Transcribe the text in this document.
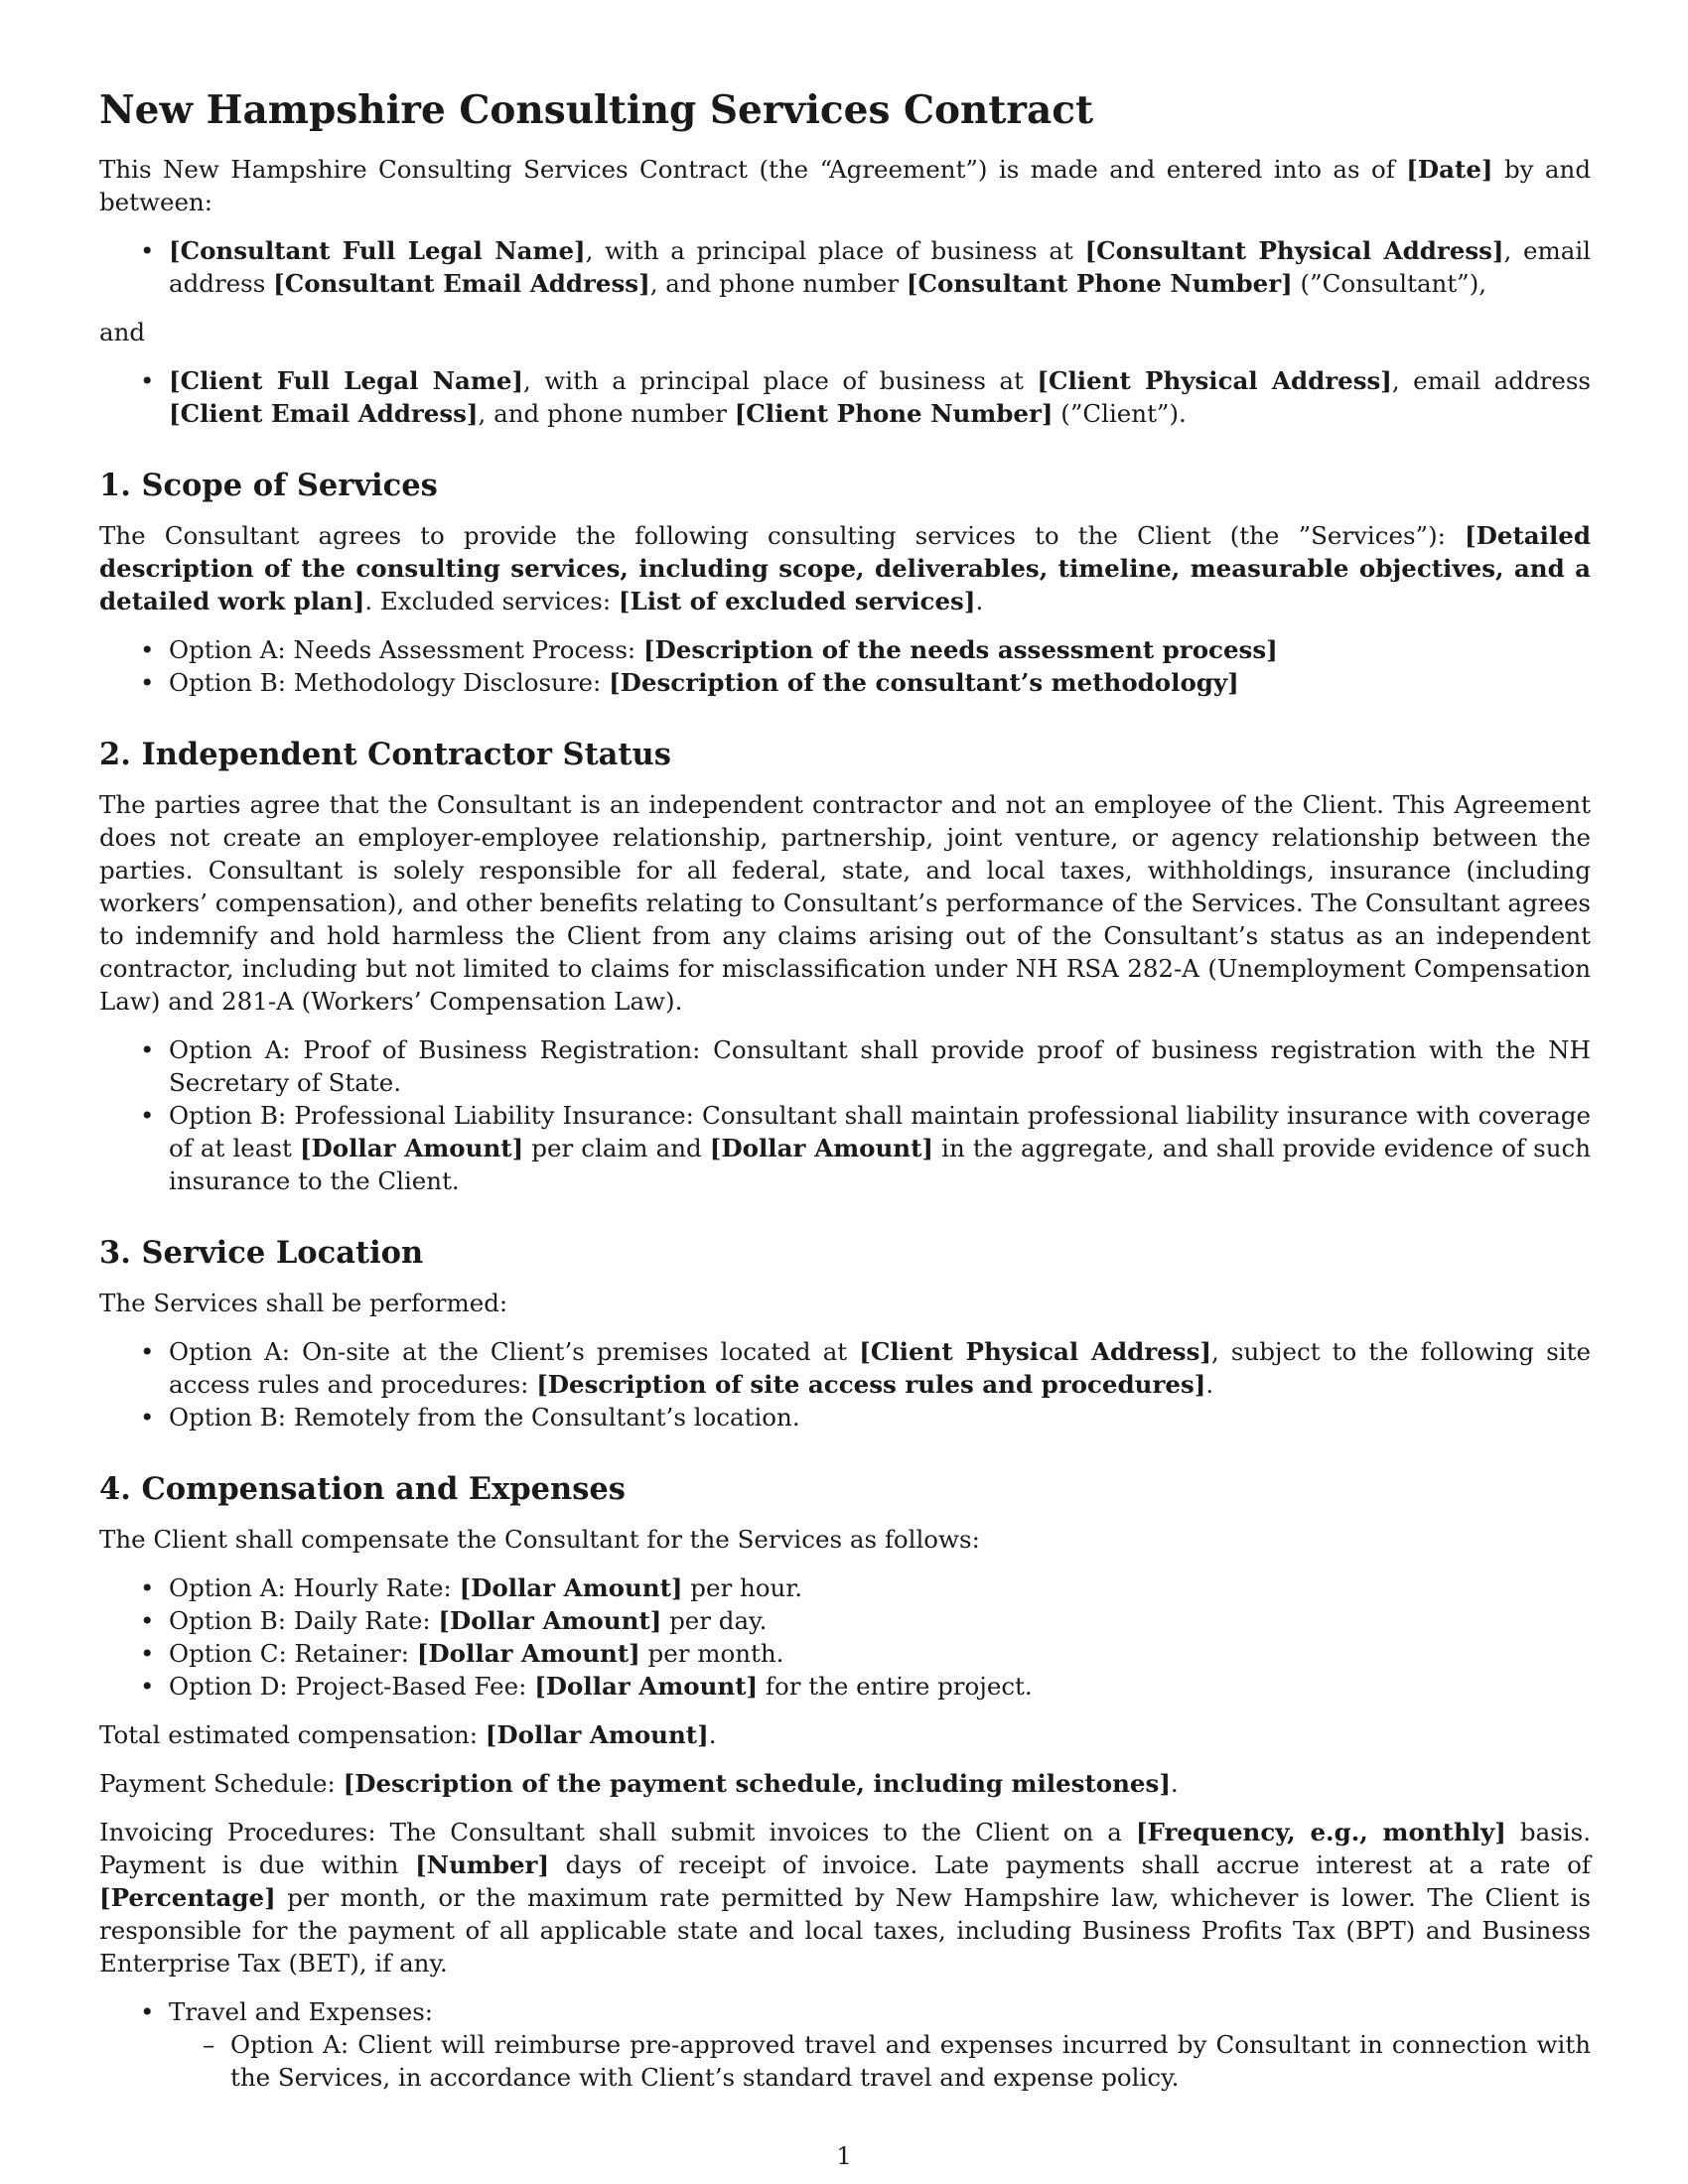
New Hampshire Consulting Services Contract

This New Hampshire Consulting Services Contract (the “Agreement”) is made and entered into as of [Date] by and between:

• [Consultant Full Legal Name], with a principal place of business at [Consultant Physical Address], email address [Consultant Email Address], and phone number [Consultant Phone Number] (”Consultant”),

and

• [Client Full Legal Name], with a principal place of business at [Client Physical Address], email address [Client Email Address], and phone number [Client Phone Number] (”Client”).
1. Scope of Services

The Consultant agrees to provide the following consulting services to the Client (the ”Services”): [Detailed description of the consulting services, including scope, deliverables, timeline, measurable objectives, and a detailed work plan]. Excluded services: [List of excluded services].

• Option A: Needs Assessment Process: [Description of the needs assessment process]
• Option B: Methodology Disclosure: [Description of the consultant’s methodology]
2. Independent Contractor Status

The parties agree that the Consultant is an independent contractor and not an employee of the Client. This Agreement does not create an employer-employee relationship, partnership, joint venture, or agency relationship between the parties. Consultant is solely responsible for all federal, state, and local taxes, withholdings, insurance (including workers’ compensation), and other benefits relating to Consultant’s performance of the Services. The Consultant agrees to indemnify and hold harmless the Client from any claims arising out of the Consultant’s status as an independent contractor, including but not limited to claims for misclassification under NH RSA 282-A (Unemployment Compensation Law) and 281-A (Workers’ Compensation Law).

• Option A: Proof of Business Registration: Consultant shall provide proof of business registration with the NH Secretary of State.
• Option B: Professional Liability Insurance: Consultant shall maintain professional liability insurance with coverage of at least [Dollar Amount] per claim and [Dollar Amount] in the aggregate, and shall provide evidence of such insurance to the Client.
3. Service Location

The Services shall be performed:

• Option A: On-site at the Client’s premises located at [Client Physical Address], subject to the following site access rules and procedures: [Description of site access rules and procedures].
• Option B: Remotely from the Consultant’s location.
4. Compensation and Expenses

The Client shall compensate the Consultant for the Services as follows:

• Option A: Hourly Rate: [Dollar Amount] per hour.
• Option B: Daily Rate: [Dollar Amount] per day.
• Option C: Retainer: [Dollar Amount] per month.
• Option D: Project-Based Fee: [Dollar Amount] for the entire project.

Total estimated compensation: [Dollar Amount].

Payment Schedule: [Description of the payment schedule, including milestones].

Invoicing Procedures: The Consultant shall submit invoices to the Client on a [Frequency, e.g., monthly] basis. Payment is due within [Number] days of receipt of invoice. Late payments shall accrue interest at a rate of [Percentage] per month, or the maximum rate permitted by New Hampshire law, whichever is lower. The Client is responsible for the payment of all applicable state and local taxes, including Business Profits Tax (BPT) and Business Enterprise Tax (BET), if any.

• Travel and Expenses:
– Option A: Client will reimburse pre-approved travel and expenses incurred by Consultant in connection with the Services, in accordance with Client’s standard travel and expense policy.
1
